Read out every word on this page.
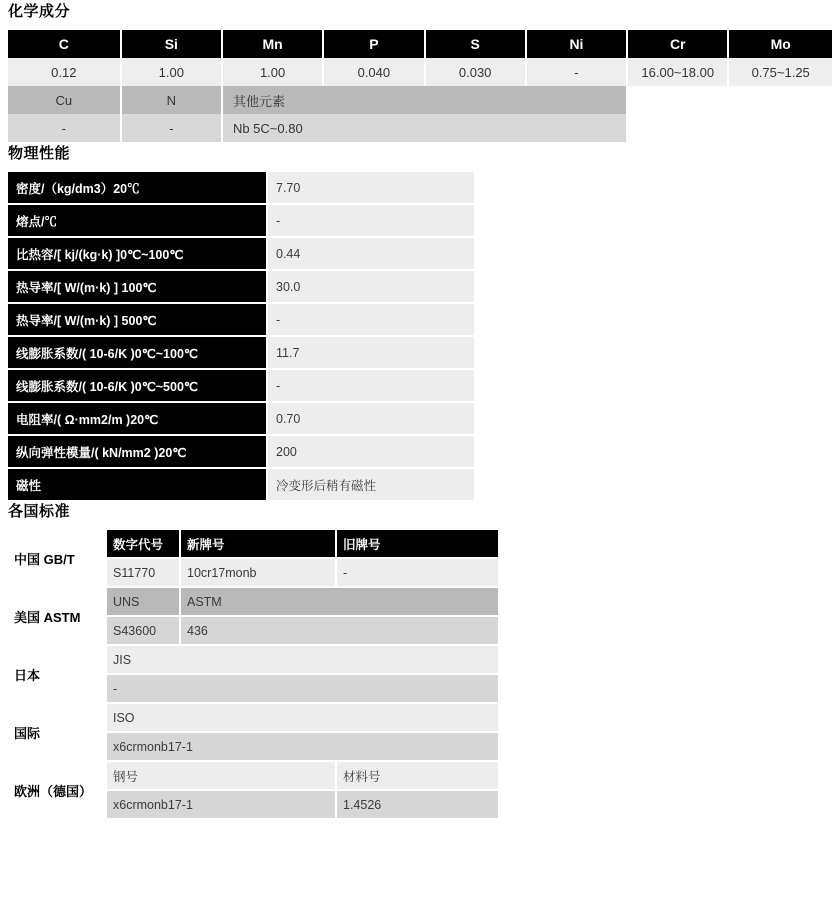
化学成分
C	Si	Mn	P	S	Ni	Cr	Mo
0.12	1.00	1.00	0.040	0.030	-	16.00~18.00	0.75~1.25
Cu	N	其他元素					
-	-	Nb 5C~0.80					
物理性能
密度/（kg/dm3）20℃	7.70
熔点/℃	-
比热容/[ kj/(kg·k) ]0℃~100℃	0.44
热导率/[ W/(m·k) ] 100℃	30.0
热导率/[ W/(m·k) ] 500℃	-
线膨胀系数/( 10-6/K )0℃~100℃	11.7
线膨胀系数/( 10-6/K )0℃~500℃	-
电阻率/( Ω·mm2/m )20℃	0.70
纵向弹性模量/( kN/mm2 )20℃	200
磁性	冷变形后稍有磁性
各国标准
中国 GB/T	数字代号	新牌号	旧牌号
	S11770	10cr17monb	-
美国 ASTM	UNS	ASTM	
	S43600	436	
日本	JIS		
	-		
国际	ISO		
	x6crmonb17-1		
欧洲（德国）	钢号		材料号
	x6crmonb17-1		1.4526
